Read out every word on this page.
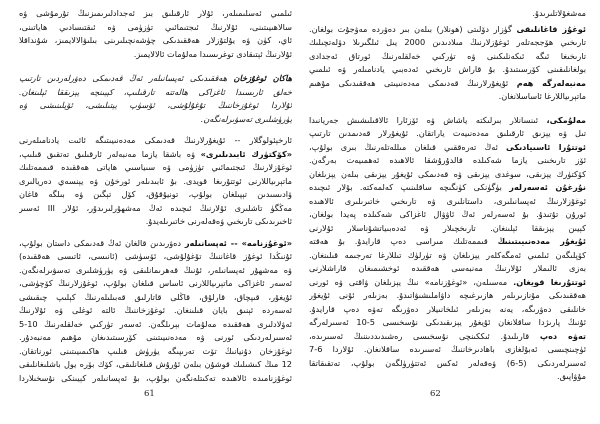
ئىلمىي ئەسلىمىلەر، ئۇلار ئارقىلىق بىز ئەجدادلىرىمىزنىڭ تۇرمۇشى ۋە
سالاھىيىتىنى، ئۇلارنىڭ ئىجتىمائىي تۈزۈمى ۋە ئىقتىسادىي ھاياتىنى،
ئاي، كۈن ۋە يۇلتۇزلار ھەققىدىكى چۈشەنچىلىرىنى بىلىۋالالايمىز، شۇنداقلا
ئۇلارنىڭ ئېتىقادى توغرىسىدا مەلۇمات ئالالايمىز.
ھاكان ئوغۇزخان ھەققىدىكى ئەپسانىلەر ئەڭ قەدىمكى دەۋرلەردىن تارتىپ
خەلق ئارىسىدا ئاغزاكى ھالەتتە تارقىلىپ، كېيىنچە يېزىققا ئېلىنغان.
ئۇلاردا ئوغۇزخاننىڭ تۇغۇلۇشى، ئۆسۈپ يېتىلىشى، ئۆيلىنىشى ۋە
يۈرۈشلىرى تەسۋىرلەنگەن.
ئارخېئولوگلار -- ئۇيغۇرلارنىڭ قەدىمكى مەدەنىيىتىگە ئائىت يادنامىلەرنى
«كۆكتۈرك ئابىدىلىرى» ۋە باشقا يازما مەنبەلەر ئارقىلىق تەتقىق قىلىپ،
ئوغۇزلارنىڭ ئىجتىمائىي تۈزۈمى ۋە سىياسىي ھاياتى ھەققىدە قىممەتلىك
ماتېرىياللارنى ئوتتۇرىغا قويدى. بۇ ئابىدىلەر ئورخۇن ۋە يېنسەي دەريالىرى
ۋادىسىدىن تېپىلغان بولۇپ، تونيۇقۇق، كۆل تېگىن ۋە بىلگە قاغان
مەڭگۈ تاشلىرى ئۇلارنىڭ ئىچىدە ئەڭ مەشھۇرلىرىدۇر، ئۇلار III ئەسىر
ئاخىرىدىكى تارىخىي ۋەقەلەرنى خاتىرىلەيدۇ.
«ئوغۇزنامە» -- ئەپسانىلەر دەۋرىدىن قالغان ئەڭ قەدىمكى داستان بولۇپ،
ئۇنىڭدا ئوغۇز قاغاننىڭ تۇغۇلۇشى، ئۆسۈشى (ئانىسى، ئاتىسى ھەققىدە)
ۋە مەشھۇر ئەپسانىلەر، ئۇنىڭ قەھرىمانلىقى ۋە يۈرۈشلىرى تەسۋىرلەنگەن.
ئەسەر ئاغزاكى ماتېرىياللارنى ئاساس قىلغان بولۇپ، ئوغۇزلارنىڭ كۆچۈشى،
ئۇيغۇر، قىپچاق، قارلۇق، قاڭلى قاتارلىق قەبىلىلەرنىڭ كېلىپ چىقىشى
ئەسەردە ئېنىق بايان قىلىنغان. ئوغۇزخاننىڭ ئالتە ئوغلى ۋە ئۇلارنىڭ
ئەۋلادلىرى ھەققىدە مەلۇمات بېرىلگەن. ئەسەر تۈركىي خەلقلەرنىڭ 10-5
ئەسىرلەردىكى ئورنى ۋە مەدەنىيىتىنى كۆرسىتىدىغان مۇھىم مەنبەدۇر.
ئوغۇزخان دۇنيانىڭ تۆت تەرىپىگە يۈرۈش قىلىپ ھاكىمىيىتىنى ئورناتقان.
12 مىڭ كىشىلىك قوشۇن بىلەن ئۇرۇش قىلغانلىقى، كۆك بۆرە يول باشلىغانلىقى
ئوغۇزنامىدە ئالاھىدە تەكىتلەنگەن بولۇپ، بۇ ئەپسانىلەر كېيىنكى نۇسخىلاردا
61
مەشغۇلاتلىرىدۇ.
ئوغۇز قاغانلىقى گۈزار دۆلىتى (ھونلار) بىلەن بىر دەۋردە مەۋجۇت بولغان.
تارىخىي ھۆججەتلەر ئوغۇزلارنىڭ مىلادىدىن 2000 يىل ئىلگىرىلا دۆلەتچىلىك
تارىخىغا ئىگە ئىكەنلىكىنى ۋە تۈركىي خەلقلەرنىڭ ئورتاق ئەجدادى
بولغانلىقىنى كۆرسىتىدۇ. بۇ قاراش تارىخىي ئەدەبىي يادنامىلەر ۋە ئىلمىي
مەنبەلەرگە ھەم ئۇيغۇرلارنىڭ قەدىمكى مەدەنىيىتى ھەققىدىكى مۇھىم
ماتېرىياللارغا ئاساسلانغان.
مەلۇمكى، ئىنسانلار بىرلىكتە ياشاش ۋە ئۆزئارا ئالاقىلىشىش جەريانىدا
تىل ۋە يېزىق ئارقىلىق مەدەنىيەت ياراتقان. ئۇيغۇرلار قەدىمدىن تارتىپ
ئوتتۇرا ئاسىيادىكى ئەڭ تەرەققىي قىلغان مىللەتلەرنىڭ بىرى بولۇپ،
ئۆز تارىخىنى يازما شەكىلدە قالدۇرۇشقا ئالاھىدە ئەھمىيەت بەرگەن.
كۆكتۈرك يېزىقى، سوغدى يېزىقى ۋە قەدىمكى ئۇيغۇر يېزىقى بىلەن يېزىلغان
نۇرغۇن ئەسەرلەر بۈگۈنكى كۈنگىچە ساقلىنىپ كەلمەكتە. بۇلار ئىچىدە
ئوغۇزلارنىڭ ئەپسانىلىرى، داستانلىرى ۋە تارىخىي خاتىرىلىرى ئالاھىدە
ئورۇن تۇتىدۇ. بۇ ئەسەرلەر ئەڭ ئاۋۋال ئاغزاكى شەكىلدە پەيدا بولغان،
كېيىن يېزىققا ئېلىنغان. تارىخچىلار ۋە ئەدەبىياتشۇناسلار ئۇلارنى
ئۇيغۇر مەدەنىيىتىنىڭ قىممەتلىك مىراسى دەپ قارايدۇ. بۇ ھەقتە
كۆپلىگەن ئىلمىي ئەمگەكلەر يېزىلغان ۋە تۈرلۈك تىللارغا تەرجىمە قىلىنغان.
بەزى ئالىملار ئۇلارنىڭ مەنبەسى ھەققىدە ئوخشىمىغان قاراشلارنى
ئوتتۇرىغا قويغان. مەسىلەن، «ئوغۇزنامە» نىڭ يېزىلغان ۋاقتى ۋە ئورنى
ھەققىدىكى مۇنازىرىلەر ھازىرغىچە داۋاملىشىۋاتىدۇ. بەزىلەر ئۇنى ئۇيغۇر
خانلىقى دەۋرىگە، يەنە بەزىلەر ئىلخانىيلار دەۋرىگە تەۋە دەپ قارايدۇ.
ئۇنىڭ پارىژدا ساقلانغان ئۇيغۇر يېزىقىدىكى نۇسخىسى 5-10 ئەسىرلەرگە
تەۋە دەپ قارىلىدۇ. ئىككىنچى نۇسخىسى رەشىدىددىننىڭ ئەسىرىدە،
ئۈچىنچىسى ئەبۇلغازى باھادىرخاننىڭ ئەسىرىدە ساقلانغان. ئۇلاردا 6-7
ئەسىرلەردىكى (5-6) ۋەقەلەر ئەكس ئەتتۈرۈلگەن بولۇپ، تەتقىقاتقا
مۇۋاپىق.
62
